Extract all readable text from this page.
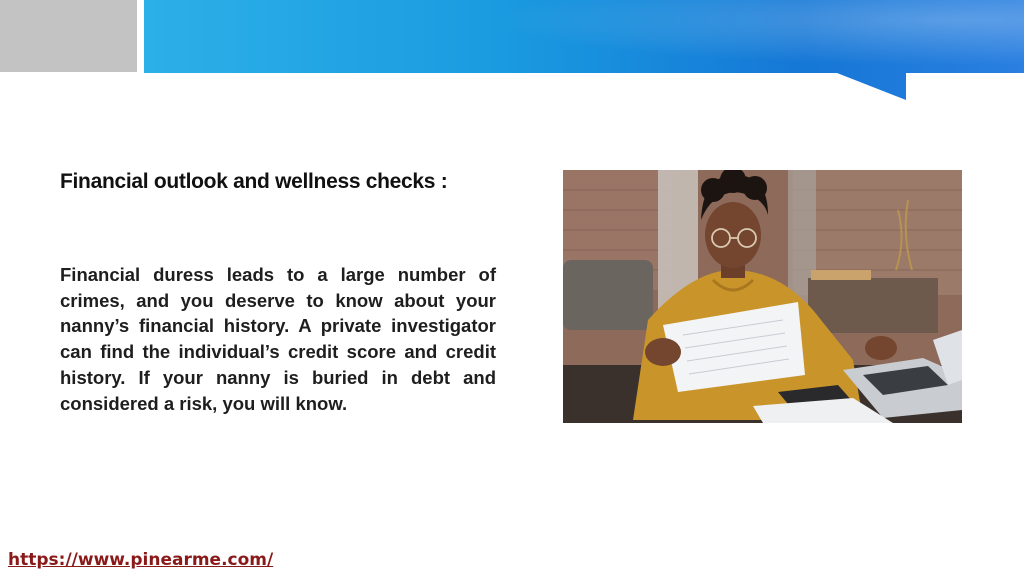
Financial outlook and wellness checks :

Financial duress leads to a large number of crimes, and you deserve to know about your nanny’s financial history. A private investigator can find the individual’s credit score and credit history. If your nanny is buried in debt and considered a risk, you will know.

https://www.pinearme.com/
